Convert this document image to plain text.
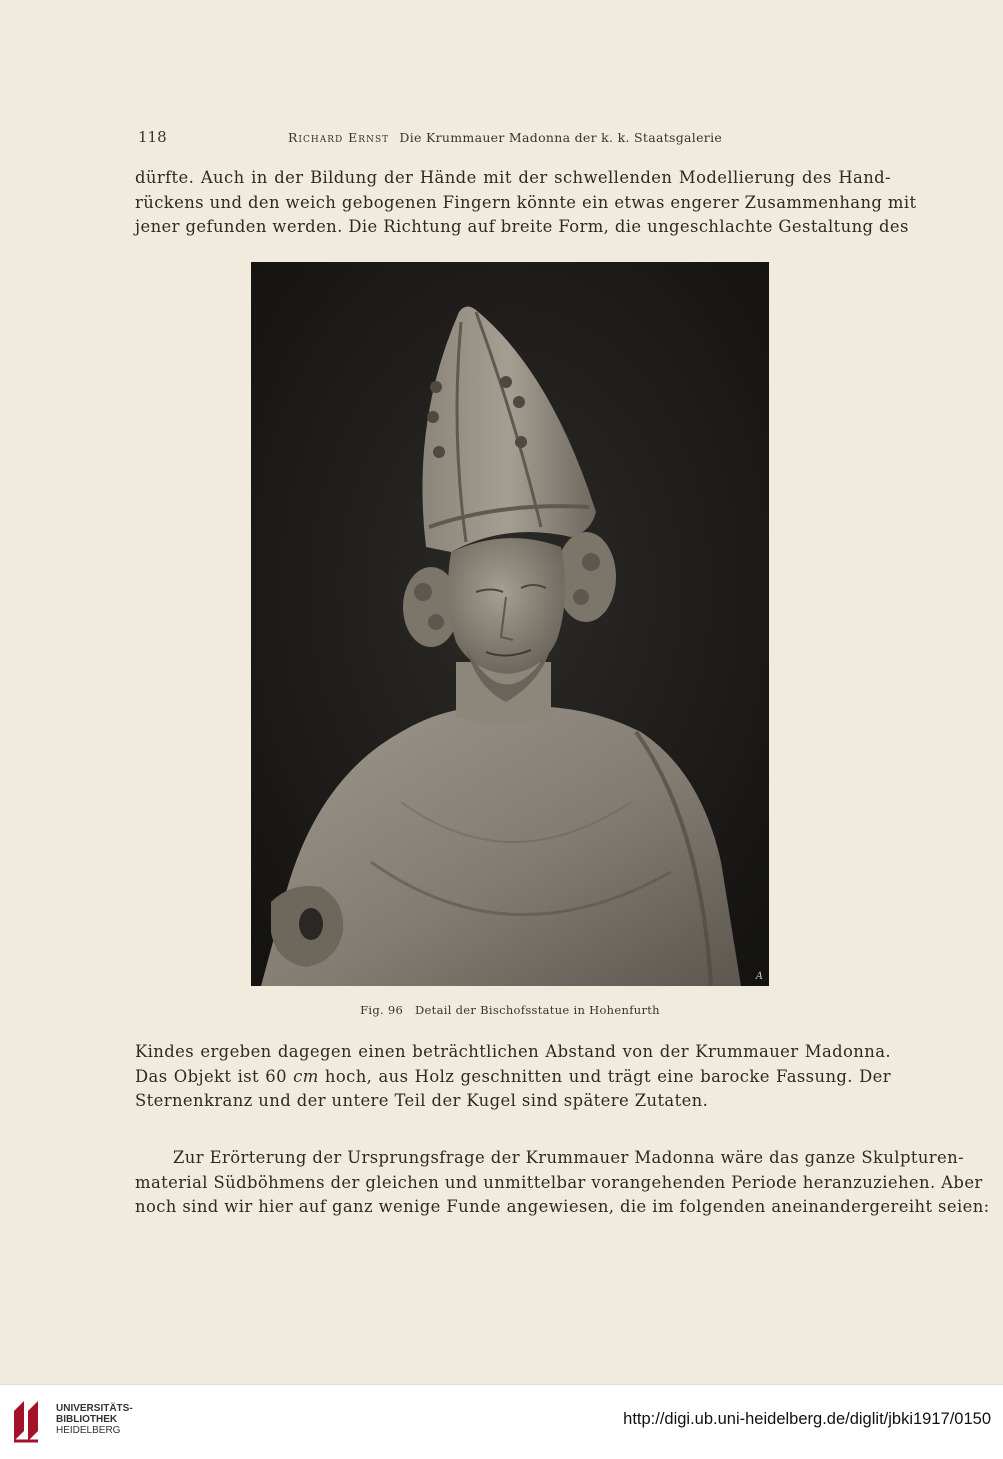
118	Richard Ernst Die Krummauer Madonna der k. k. Staatsgalerie
dürfte. Auch in der Bildung der Hände mit der schwellenden Modellierung des Hand-
rückens und den weich gebogenen Fingern könnte ein etwas engerer Zusammenhang mit
jener gefunden werden. Die Richtung auf breite Form, die ungeschlachte Gestaltung des
A
Fig. 96 Detail der Bischofsstatue in Hohenfurth
Kindes ergeben dagegen einen beträchtlichen Abstand von der Krummauer Madonna.
Das Objekt ist 60 cm hoch, aus Holz geschnitten und trägt eine barocke Fassung. Der
Sternenkranz und der untere Teil der Kugel sind spätere Zutaten.
Zur Erörterung der Ursprungsfrage der Krummauer Madonna wäre das ganze Skulpturen-
material Südböhmens der gleichen und unmittelbar vorangehenden Periode heranzuziehen. Aber
noch sind wir hier auf ganz wenige Funde angewiesen, die im folgenden aneinandergereiht seien:
UNIVERSITÄTS-
BIBLIOTHEK
HEIDELBERG
http://digi.ub.uni-heidelberg.de/diglit/jbki1917/0150
